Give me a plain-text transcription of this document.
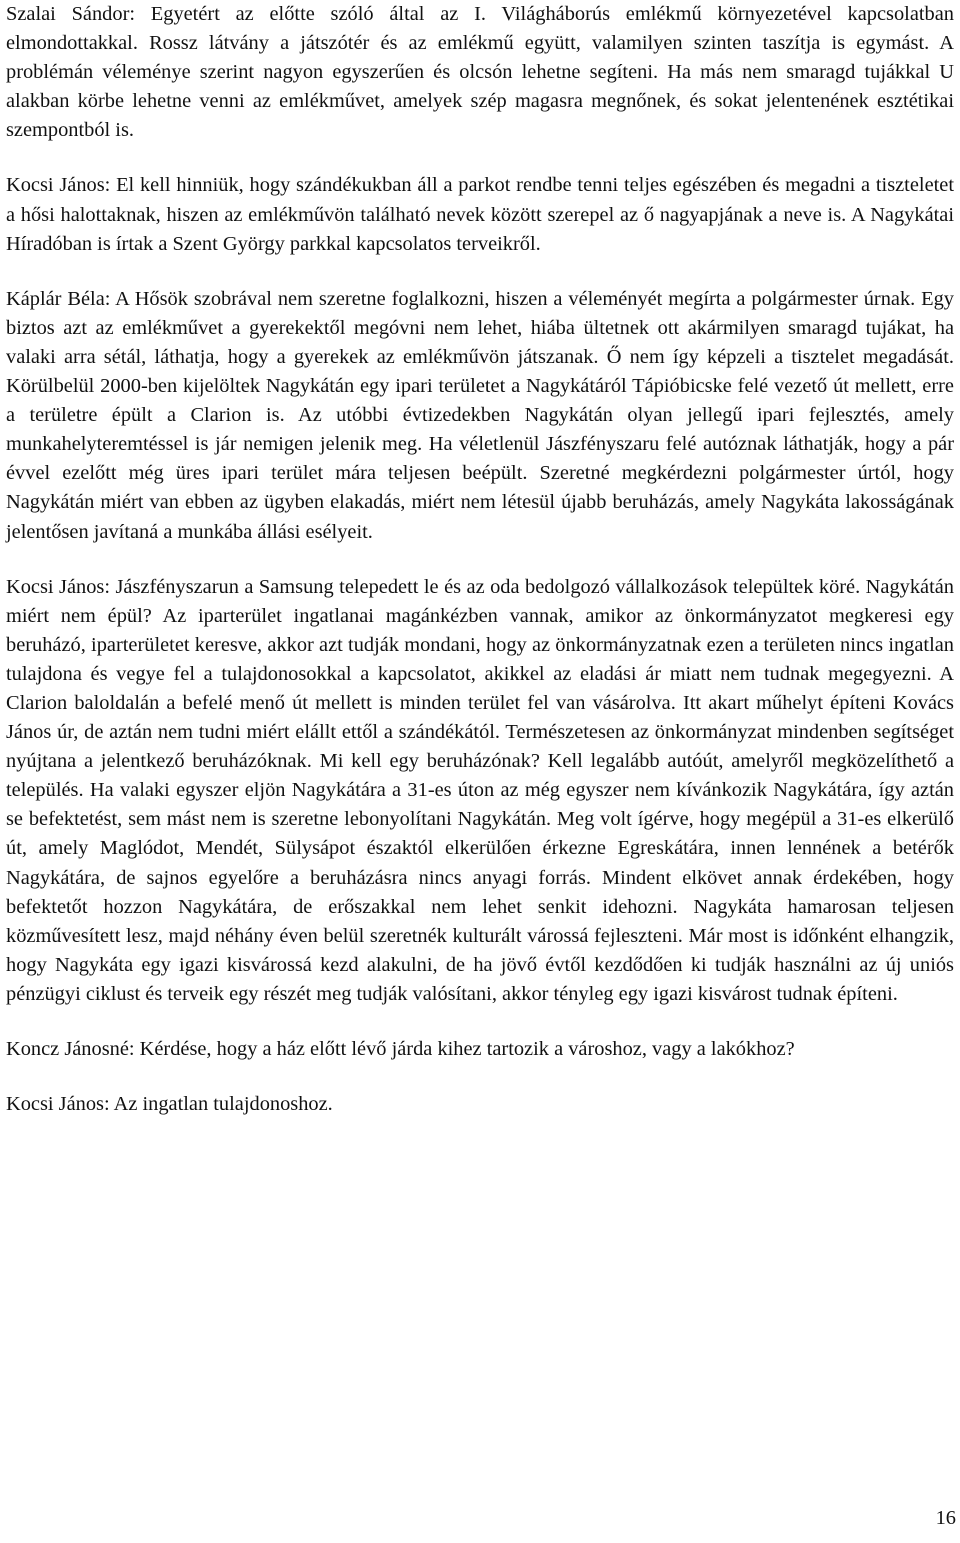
Szalai Sándor: Egyetért az előtte szóló által az I. Világháborús emlékmű környezetével kapcsolatban elmondottakkal. Rossz látvány a játszótér és az emlékmű együtt, valamilyen szinten taszítja is egymást. A problémán véleménye szerint nagyon egyszerűen és olcsón lehetne segíteni. Ha más nem smaragd tujákkal U alakban körbe lehetne venni az emlékművet, amelyek szép magasra megnőnek, és sokat jelentenének esztétikai szempontból is.

Kocsi János: El kell hinniük, hogy szándékukban áll a parkot rendbe tenni teljes egészében és megadni a tiszteletet a hősi halottaknak, hiszen az emlékművön található nevek között szerepel az ő nagyapjának a neve is. A Nagykátai Híradóban is írtak a Szent György parkkal kapcsolatos terveikről.

Káplár Béla: A Hősök szobrával nem szeretne foglalkozni, hiszen a véleményét megírta a polgármester úrnak. Egy biztos azt az emlékművet a gyerekektől megóvni nem lehet, hiába ültetnek ott akármilyen smaragd tujákat, ha valaki arra sétál, láthatja, hogy a gyerekek az emlékművön játszanak. Ő nem így képzeli a tisztelet megadását. Körülbelül 2000-ben kijelöltek Nagykátán egy ipari területet a Nagykátáról Tápióbicske felé vezető út mellett, erre a területre épült a Clarion is. Az utóbbi évtizedekben Nagykátán olyan jellegű ipari fejlesztés, amely munkahelyteremtéssel is jár nemigen jelenik meg. Ha véletlenül Jászfényszaru felé autóznak láthatják, hogy a pár évvel ezelőtt még üres ipari terület mára teljesen beépült. Szeretné megkérdezni polgármester úrtól, hogy Nagykátán miért van ebben az ügyben elakadás, miért nem létesül újabb beruházás, amely Nagykáta lakosságának jelentősen javítaná a munkába állási esélyeit.

Kocsi János: Jászfényszarun a Samsung telepedett le és az oda bedolgozó vállalkozások települtek köré. Nagykátán miért nem épül? Az iparterület ingatlanai magánkézben vannak, amikor az önkormányzatot megkeresi egy beruházó, iparterületet keresve, akkor azt tudják mondani, hogy az önkormányzatnak ezen a területen nincs ingatlan tulajdona és vegye fel a tulajdonosokkal a kapcsolatot, akikkel az eladási ár miatt nem tudnak megegyezni. A Clarion baloldalán a befelé menő út mellett is minden terület fel van vásárolva. Itt akart műhelyt építeni Kovács János úr, de aztán nem tudni miért elállt ettől a szándékától. Természetesen az önkormányzat mindenben segítséget nyújtana a jelentkező beruházóknak. Mi kell egy beruházónak? Kell legalább autóút, amelyről megközelíthető a település. Ha valaki egyszer eljön Nagykátára a 31-es úton az még egyszer nem kívánkozik Nagykátára, így aztán se befektetést, sem mást nem is szeretne lebonyolítani Nagykátán. Meg volt ígérve, hogy megépül a 31-es elkerülő út, amely Maglódot, Mendét, Sülysápot északtól elkerülően érkezne Egreskátára, innen lennének a betérők Nagykátára, de sajnos egyelőre a beruházásra nincs anyagi forrás. Mindent elkövet annak érdekében, hogy befektetőt hozzon Nagykátára, de erőszakkal nem lehet senkit idehozni. Nagykáta hamarosan teljesen közművesített lesz, majd néhány éven belül szeretnék kulturált várossá fejleszteni. Már most is időnként elhangzik, hogy Nagykáta egy igazi kisvárossá kezd alakulni, de ha jövő évtől kezdődően ki tudják használni az új uniós pénzügyi ciklust és terveik egy részét meg tudják valósítani, akkor tényleg egy igazi kisvárost tudnak építeni.

Koncz Jánosné: Kérdése, hogy a ház előtt lévő járda kihez tartozik a városhoz, vagy a lakókhoz?

Kocsi János: Az ingatlan tulajdonoshoz.

16
